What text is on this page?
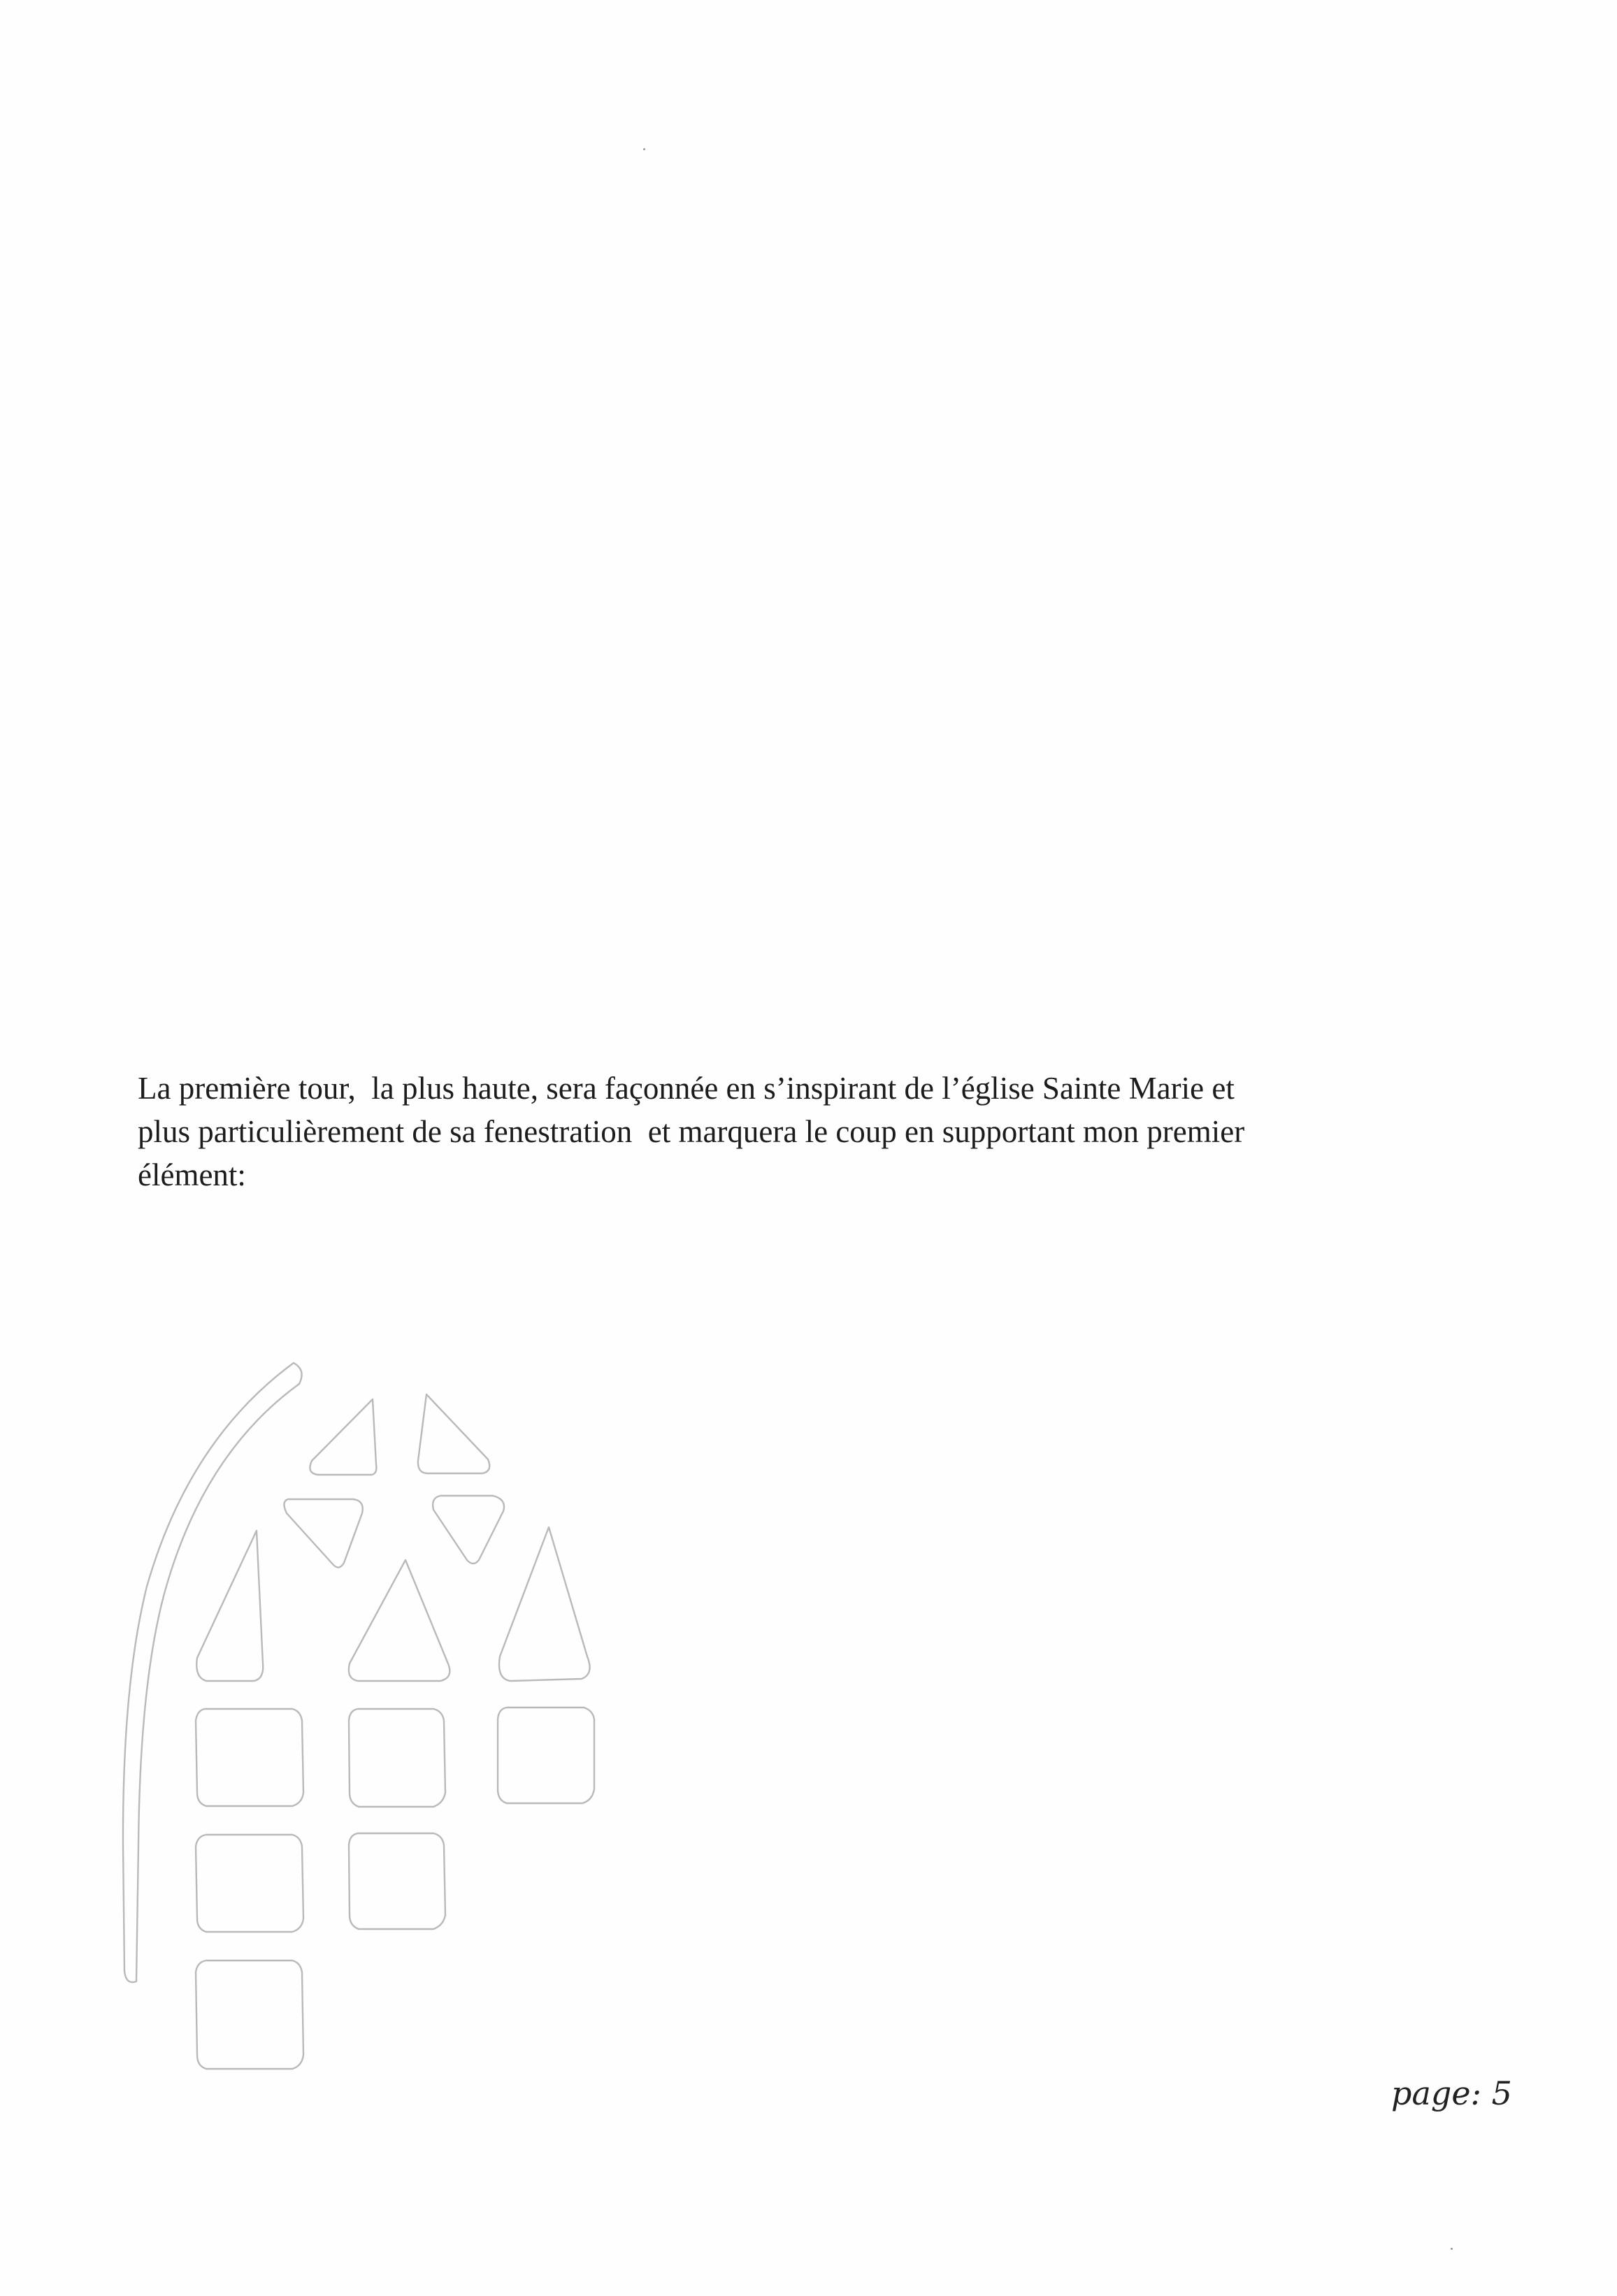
La première tour,  la plus haute, sera façonnée en s’inspirant de l’église Sainte Marie et
plus particulièrement de sa fenestration  et marquera le coup en supportant mon premier
élément:
page: 5
